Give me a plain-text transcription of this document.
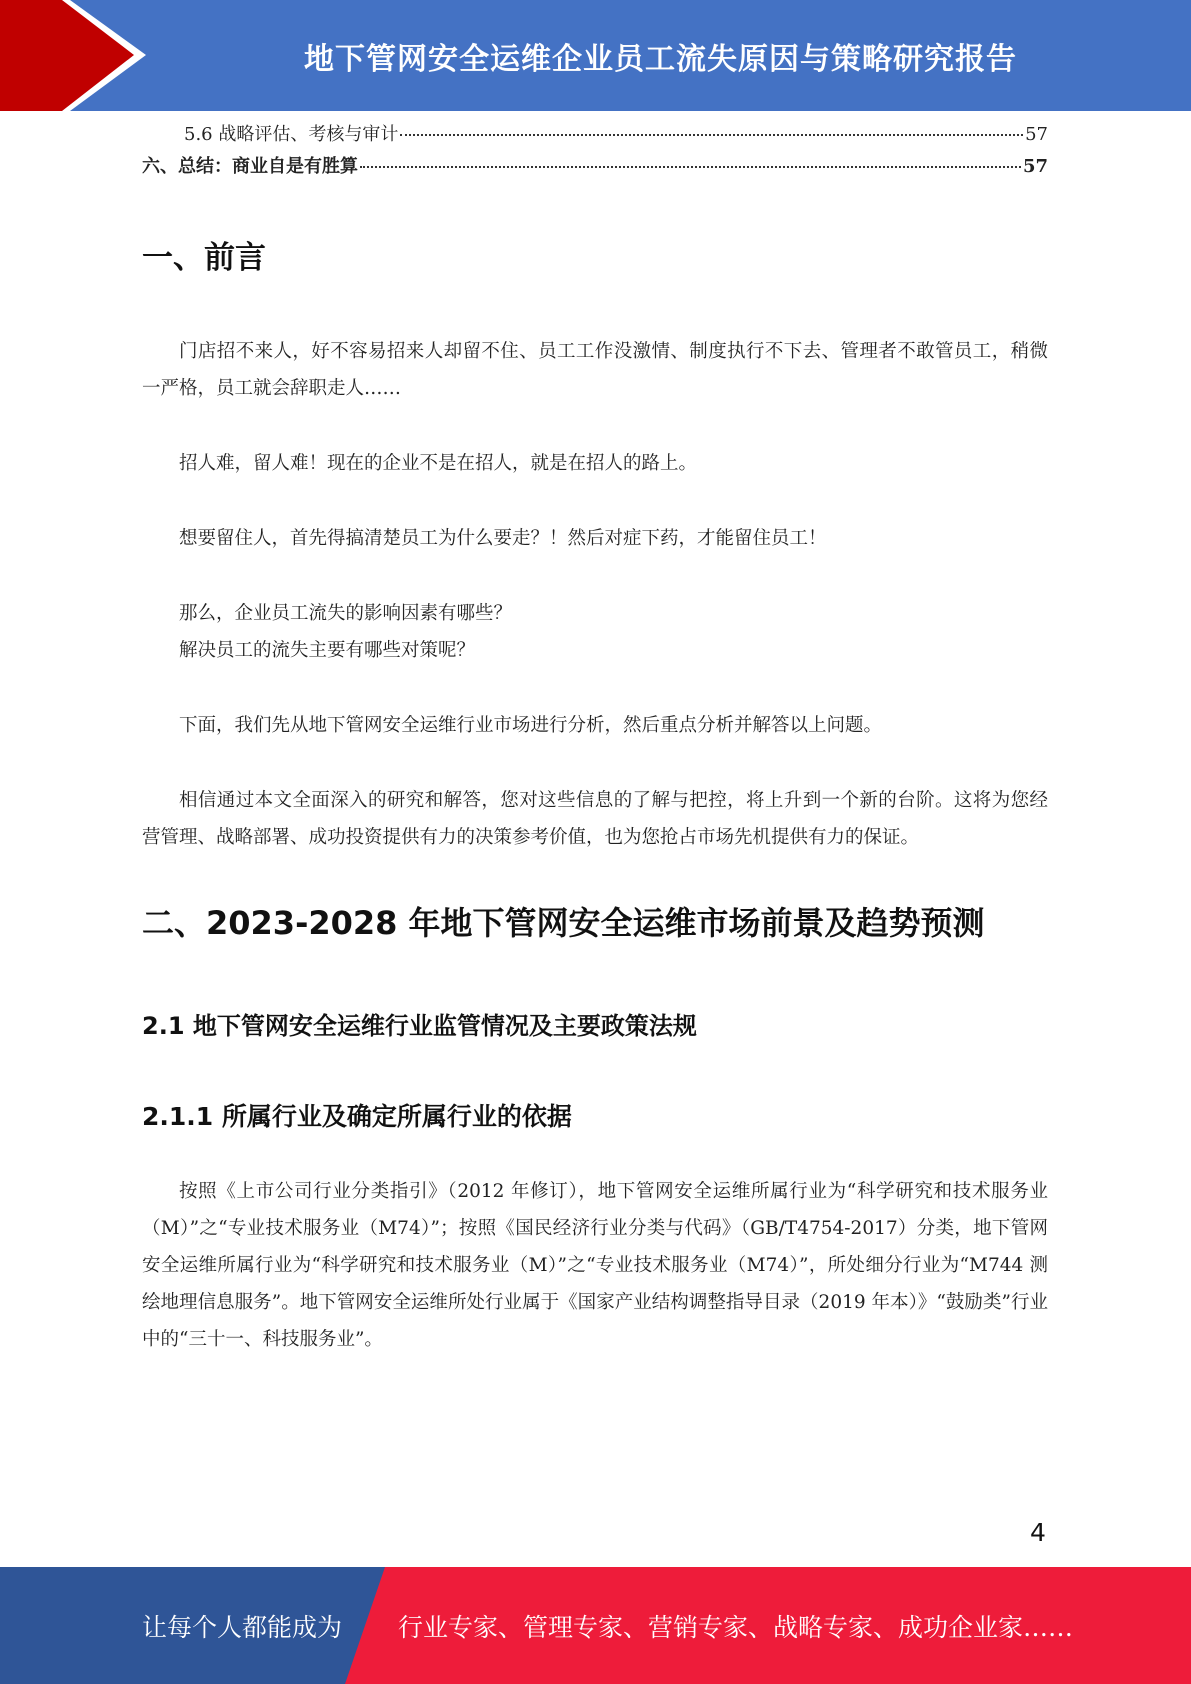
地下管网安全运维企业员工流失原因与策略研究报告
5.6 战略评估、考核与审计	57
六、总结：商业自是有胜算	57
一、前言

门店招不来人，好不容易招来人却留不住、员工工作没激情、制度执行不下去、管理者不敢管员工，稍微一严格，员工就会辞职走人……

招人难，留人难！现在的企业不是在招人，就是在招人的路上。

想要留住人，首先得搞清楚员工为什么要走？！然后对症下药，才能留住员工！

那么，企业员工流失的影响因素有哪些？

解决员工的流失主要有哪些对策呢？

下面，我们先从地下管网安全运维行业市场进行分析，然后重点分析并解答以上问题。

相信通过本文全面深入的研究和解答，您对这些信息的了解与把控，将上升到一个新的台阶。这将为您经营管理、战略部署、成功投资提供有力的决策参考价值，也为您抢占市场先机提供有力的保证。

二、2023-2028 年地下管网安全运维市场前景及趋势预测
2.1 地下管网安全运维行业监管情况及主要政策法规
2.1.1 所属行业及确定所属行业的依据

按照《上市公司行业分类指引》（2012 年修订），地下管网安全运维所属行业为“科学研究和技术服务业（M）”之“专业技术服务业（M74）”；按照《国民经济行业分类与代码》（GB/T4754-2017）分类，地下管网安全运维所属行业为“科学研究和技术服务业（M）”之“专业技术服务业（M74）”，所处细分行业为“M744 测绘地理信息服务”。地下管网安全运维所处行业属于《国家产业结构调整指导目录（2019 年本）》“鼓励类”行业中的“三十一、科技服务业”。

4
让每个人都能成为 行业专家、管理专家、营销专家、战略专家、成功企业家……
